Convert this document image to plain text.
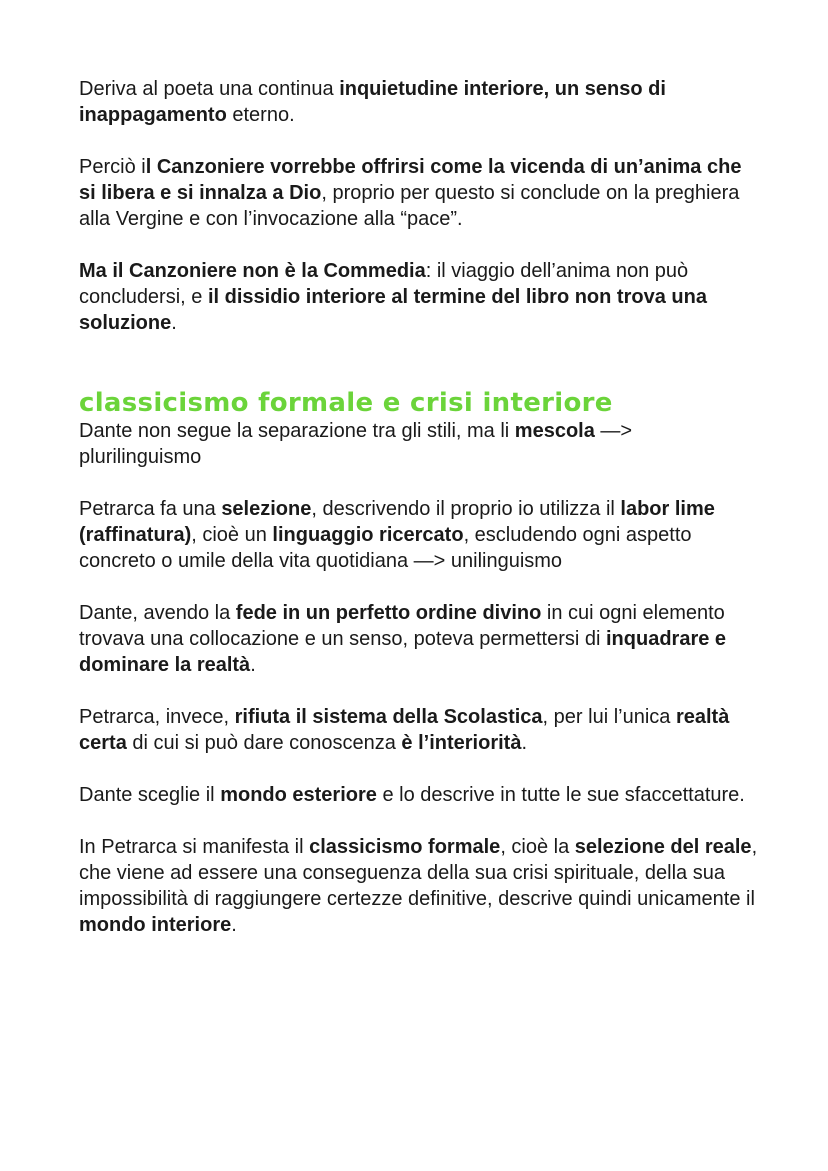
Deriva al poeta una continua inquietudine interiore, un senso di inappagamento eterno.

Perciò il Canzoniere vorrebbe offrirsi come la vicenda di un’anima che si libera e si innalza a Dio, proprio per questo si conclude on la preghiera alla Vergine e con l’invocazione alla “pace”.

Ma il Canzoniere non è la Commedia: il viaggio dell’anima non può concludersi, e il dissidio interiore al termine del libro non trova una soluzione.

classicismo formale e crisi interiore

Dante non segue la separazione tra gli stili, ma li mescola —> plurilinguismo

Petrarca fa una selezione, descrivendo il proprio io utilizza il labor lime (raffinatura), cioè un linguaggio ricercato, escludendo ogni aspetto concreto o umile della vita quotidiana —> unilinguismo

Dante, avendo la fede in un perfetto ordine divino in cui ogni elemento trovava una collocazione e un senso, poteva permettersi di inquadrare e dominare la realtà.

Petrarca, invece, rifiuta il sistema della Scolastica, per lui l’unica realtà certa di cui si può dare conoscenza è l’interiorità.

Dante sceglie il mondo esteriore e lo descrive in tutte le sue sfaccettature.

In Petrarca si manifesta il classicismo formale, cioè la selezione del reale, che viene ad essere una conseguenza della sua crisi spirituale, della sua impossibilità di raggiungere certezze definitive, descrive quindi unicamente il mondo interiore.
